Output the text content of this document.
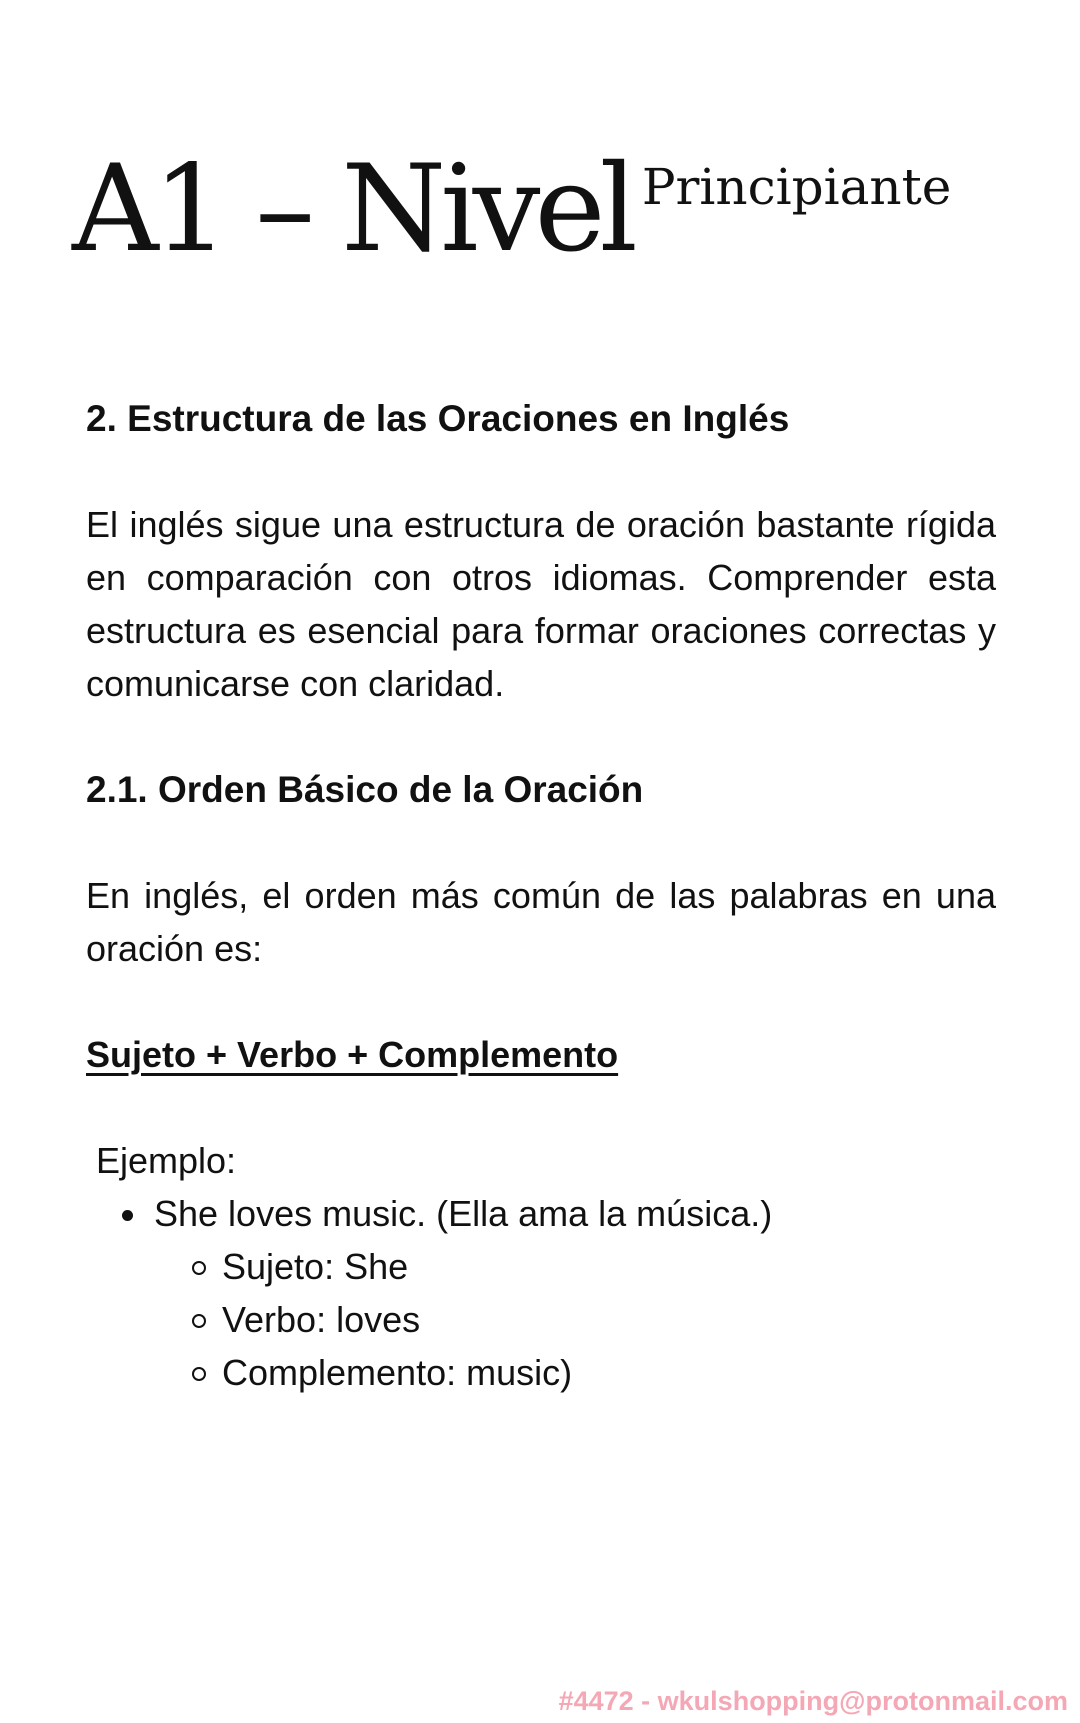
A1 – Nivel Principiante

2. Estructura de las Oraciones en Inglés

El inglés sigue una estructura de oración bastante rígida en comparación con otros idiomas. Comprender esta estructura es esencial para formar oraciones correctas y comunicarse con claridad.

2.1. Orden Básico de la Oración

En inglés, el orden más común de las palabras en una oración es:

Sujeto + Verbo + Complemento

Ejemplo:

She loves music. (Ella ama la música.)
Sujeto: She
Verbo: loves
Complemento: music)
#4472 - wkulshopping@protonmail.com
